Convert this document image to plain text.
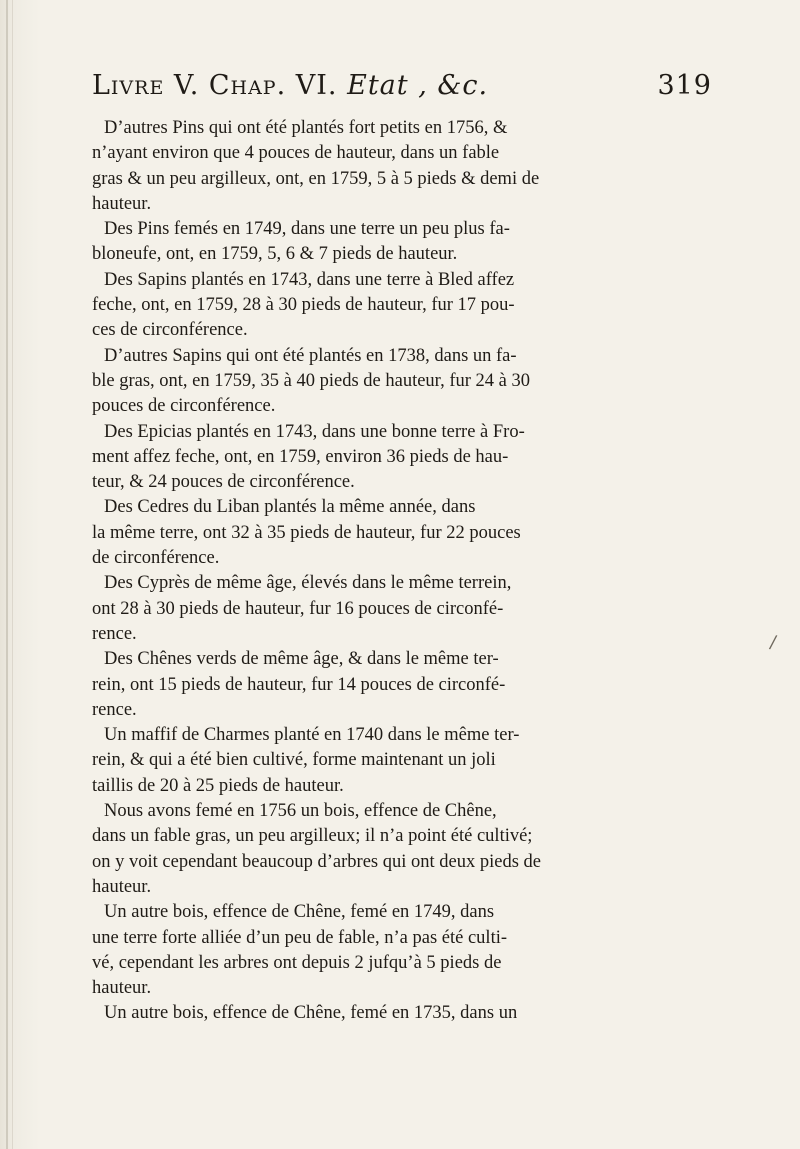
Livre V. Chap. VI. Etat , &c.	319
D’autres Pins qui ont été plantés fort petits en 1756, &
n’ayant environ que 4 pouces de hauteur, dans un fable
gras & un peu argilleux, ont, en 1759, 5 à 5 pieds & demi de
hauteur.
Des Pins femés en 1749, dans une terre un peu plus fa-
bloneufe, ont, en 1759, 5, 6 & 7 pieds de hauteur.
Des Sapins plantés en 1743, dans une terre à Bled affez
feche, ont, en 1759, 28 à 30 pieds de hauteur, fur 17 pou-
ces de circonférence.
D’autres Sapins qui ont été plantés en 1738, dans un fa-
ble gras, ont, en 1759, 35 à 40 pieds de hauteur, fur 24 à 30
pouces de circonférence.
Des Epicias plantés en 1743, dans une bonne terre à Fro-
ment affez feche, ont, en 1759, environ 36 pieds de hau-
teur, & 24 pouces de circonférence.
Des Cedres du Liban plantés la même année, dans
la même terre, ont 32 à 35 pieds de hauteur, fur 22 pouces
de circonférence.
Des Cyprès de même âge, élevés dans le même terrein,
ont 28 à 30 pieds de hauteur, fur 16 pouces de circonfé-
rence.
Des Chênes verds de même âge, & dans le même ter-
rein, ont 15 pieds de hauteur, fur 14 pouces de circonfé-
rence.
Un maffif de Charmes planté en 1740 dans le même ter-
rein, & qui a été bien cultivé, forme maintenant un joli
taillis de 20 à 25 pieds de hauteur.
Nous avons femé en 1756 un bois, effence de Chêne,
dans un fable gras, un peu argilleux; il n’a point été cultivé;
on y voit cependant beaucoup d’arbres qui ont deux pieds de
hauteur.
Un autre bois, effence de Chêne, femé en 1749, dans
une terre forte alliée d’un peu de fable, n’a pas été culti-
vé, cependant les arbres ont depuis 2 jufqu’à 5 pieds de
hauteur.
Un autre bois, effence de Chêne, femé en 1735, dans un
/
